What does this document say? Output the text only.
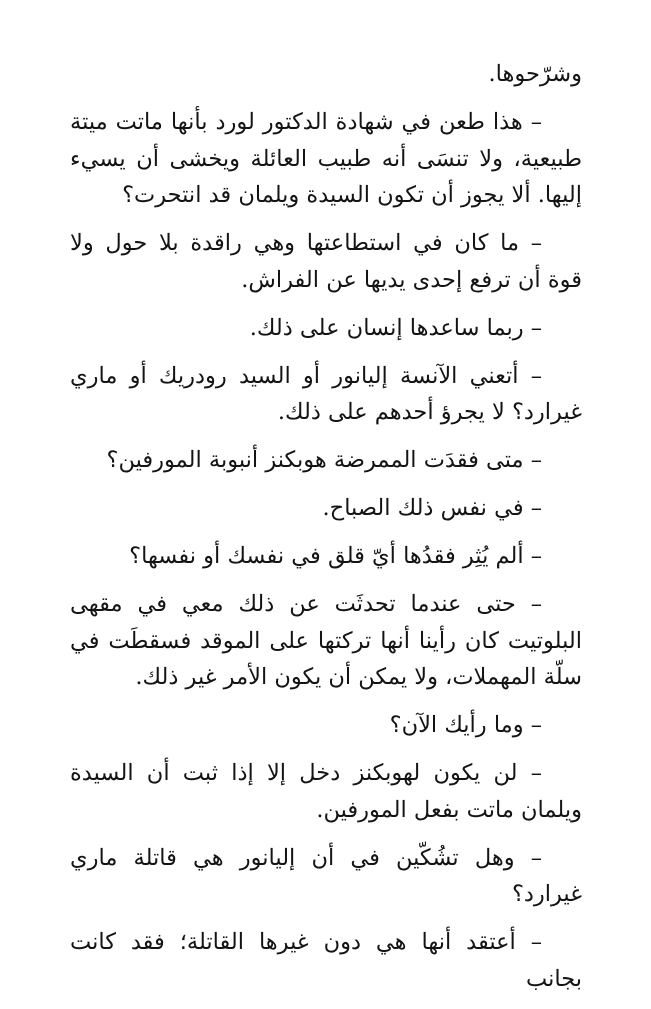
وشرّحوها.

– هذا طعن في شهادة الدكتور لورد بأنها ماتت ميتة طبيعية، ولا تنسَى أنه طبيب العائلة ويخشى أن يسيء إليها. ألا يجوز أن تكون السيدة ويلمان قد انتحرت؟

– ما كان في استطاعتها وهي راقدة بلا حول ولا قوة أن ترفع إحدى يديها عن الفراش.

– ربما ساعدها إنسان على ذلك.

– أتعني الآنسة إليانور أو السيد رودريك أو ماري غيرارد؟ لا يجرؤ أحدهم على ذلك.

– متى فقدَت الممرضة هوبكنز أنبوبة المورفين؟

– في نفس ذلك الصباح.

– ألم يُثِر فقدُها أيّ قلق في نفسك أو نفسها؟

– حتى عندما تحدثَت عن ذلك معي في مقهى البلوتيت كان رأينا أنها تركتها على الموقد فسقطَت في سلّة المهملات، ولا يمكن أن يكون الأمر غير ذلك.

– وما رأيك الآن؟

– لن يكون لهوبكنز دخل إلا إذا ثبت أن السيدة ويلمان ماتت بفعل المورفين.

– وهل تشُكّين في أن إليانور هي قاتلة ماري غيرارد؟

– أعتقد أنها هي دون غيرها القاتلة؛ فقد كانت بجانب
